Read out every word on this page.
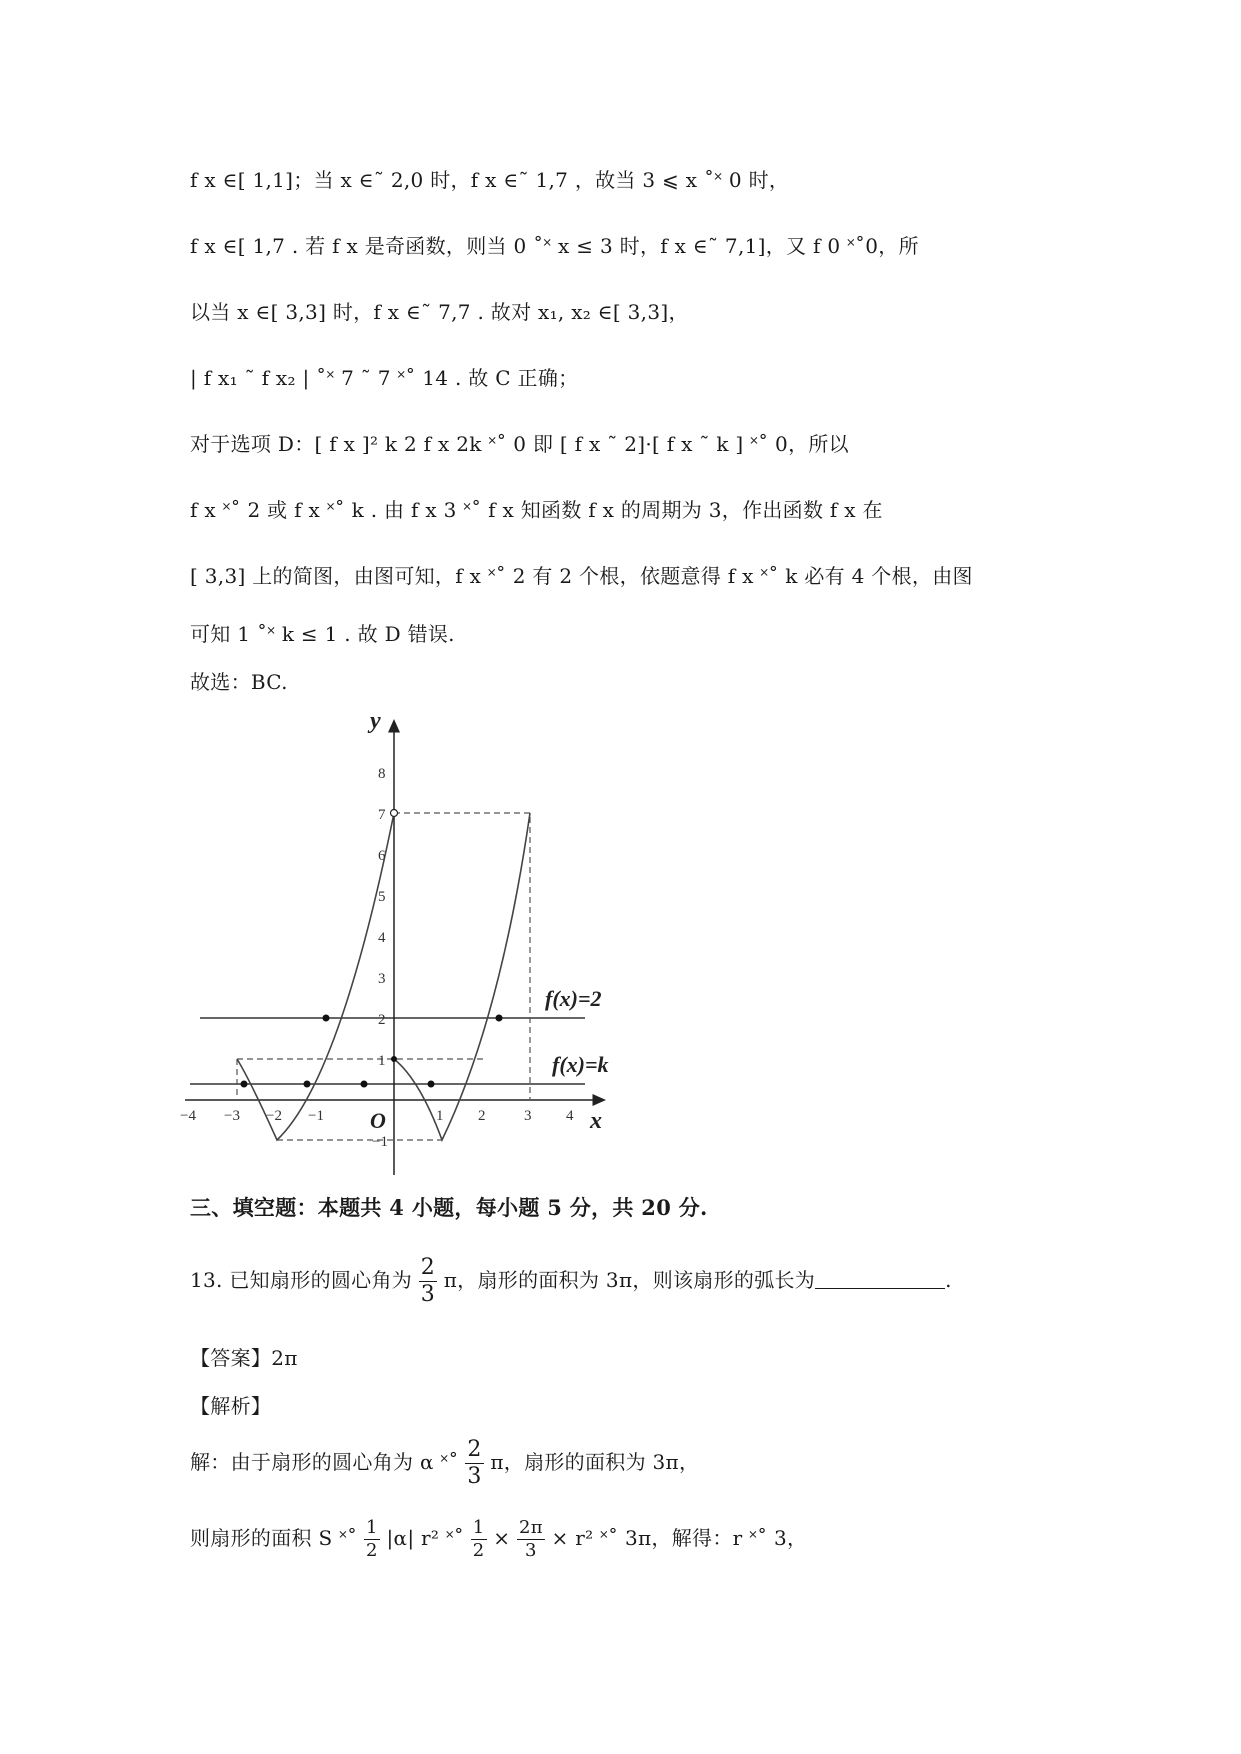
f x ∈[ 1,1]；当 x ∈˜ 2,0 时，f x ∈˜ 1,7 ，故当 3 ⩽ x ˚˟ 0 时，
f x ∈[ 1,7 . 若 f x 是奇函数，则当 0 ˚˟ x ≤ 3 时，f x ∈˜ 7,1]，又 f 0 ˟˚0，所
以当 x ∈[ 3,3] 时，f x ∈˜ 7,7 . 故对 x₁, x₂ ∈[ 3,3]，
| f x₁ ˜ f x₂ | ˚˟ 7 ˜ 7 ˟˚ 14 . 故 C 正确；
对于选项 D：[ f x ]² k 2 f x 2k ˟˚ 0 即 [ f x ˜ 2]·[ f x ˜ k ] ˟˚ 0，所以
f x ˟˚ 2 或 f x ˟˚ k . 由 f x 3 ˟˚ f x 知函数 f x 的周期为 3，作出函数 f x 在
[ 3,3] 上的简图，由图可知，f x ˟˚ 2 有 2 个根，依题意得 f x ˟˚ k 必有 4 个根，由图
可知 1 ˚˟ k ≤ 1 . 故 D 错误.
故选：BC.
−4 −3 −2 −1	1 2	3 4
−1
1
2
3
4
5
6
7
8
y
x
O
f(x)=2
f(x)=k
三、填空题：本题共 4 小题，每小题 5 分，共 20 分.
13. 已知扇形的圆心角为 $\frac{2}{3}$ π，扇形的面积为 3π，则该扇形的弧长为	.
【答案】2π
【解析】
解：由于扇形的圆心角为 α ˟˚ $\frac{2}{3}$ π，扇形的面积为 3π，
则扇形的面积 S ˟˚ $\frac{1}{2} |\alpha|$ r² ˟˚ $\frac{1}{2} \times \frac{2\pi}{3} \times r^2$ ˟˚ 3π，解得：r ˟˚ 3，
